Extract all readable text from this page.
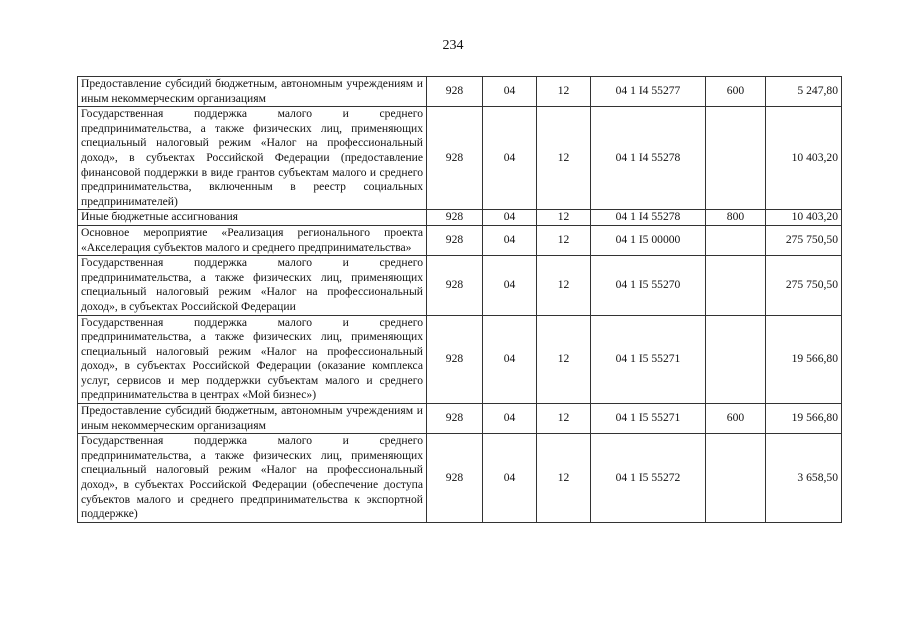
234
Предоставление субсидий бюджетным, автономным учреждениям и иным некоммерческим организациям	928	04	12	04 1 I4 55277	600	5 247,80
Государственная поддержка малого и среднего предпринимательства, а также физических лиц, применяющих специальный налоговый режим «Налог на профессиональный доход», в субъектах Российской Федерации (предоставление финансовой поддержки в виде грантов субъектам малого и среднего предпринимательства, включенным в реестр социальных предпринимателей)	928	04	12	04 1 I4 55278		10 403,20
Иные бюджетные ассигнования	928	04	12	04 1 I4 55278	800	10 403,20
Основное мероприятие «Реализация регионального проекта «Акселерация субъектов малого и среднего предпринимательства»	928	04	12	04 1 I5 00000		275 750,50
Государственная поддержка малого и среднего предпринимательства, а также физических лиц, применяющих специальный налоговый режим «Налог на профессиональный доход», в субъектах Российской Федерации	928	04	12	04 1 I5 55270		275 750,50
Государственная поддержка малого и среднего предпринимательства, а также физических лиц, применяющих специальный налоговый режим «Налог на профессиональный доход», в субъектах Российской Федерации (оказание комплекса услуг, сервисов и мер поддержки субъектам малого и среднего предпринимательства в центрах «Мой бизнес»)	928	04	12	04 1 I5 55271		19 566,80
Предоставление субсидий бюджетным, автономным учреждениям и иным некоммерческим организациям	928	04	12	04 1 I5 55271	600	19 566,80
Государственная поддержка малого и среднего предпринимательства, а также физических лиц, применяющих специальный налоговый режим «Налог на профессиональный доход», в субъектах Российской Федерации (обеспечение доступа субъектов малого и среднего предпринимательства к экспортной поддержке)	928	04	12	04 1 I5 55272		3 658,50
